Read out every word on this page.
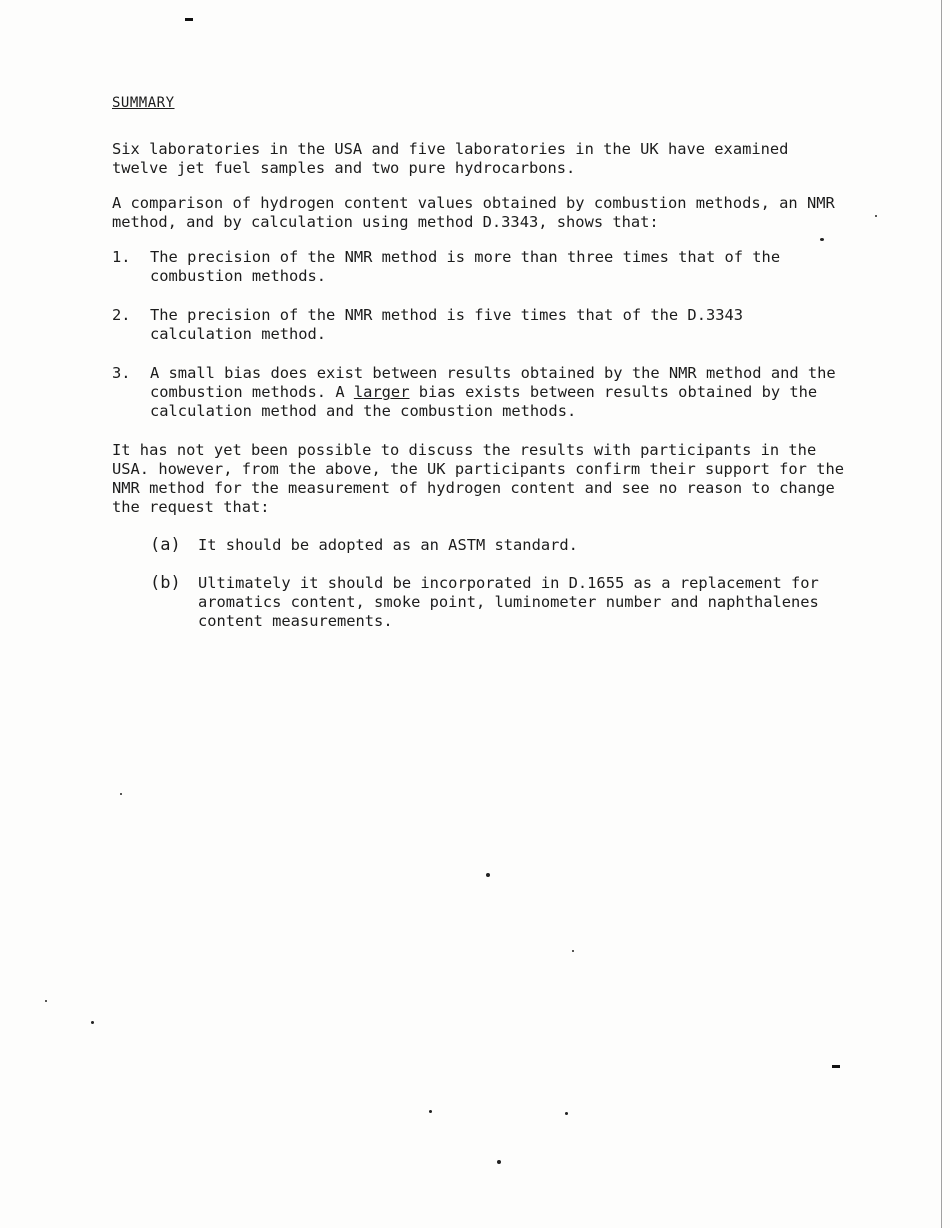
SUMMARY

Six laboratories in the USA and five laboratories in the UK have examined twelve jet fuel samples and two pure hydrocarbons.

A comparison of hydrogen content values obtained by combustion methods, an NMR method, and by calculation using method D.3343, shows that:

1.	The precision of the NMR method is more than three times that of the combustion methods.
2.	The precision of the NMR method is five times that of the D.3343 calculation method.
3.	A small bias does exist between results obtained by the NMR method and the combustion methods. A larger bias exists between results obtained by the calculation method and the combustion methods.

It has not yet been possible to discuss the results with participants in the USA. however, from the above, the UK participants confirm their support for the NMR method for the measurement of hydrogen content and see no reason to change the request that:

(a)	It should be adopted as an ASTM standard.
(b)	Ultimately it should be incorporated in D.1655 as a replacement for aromatics content, smoke point, luminometer number and naphthalenes content measurements.
